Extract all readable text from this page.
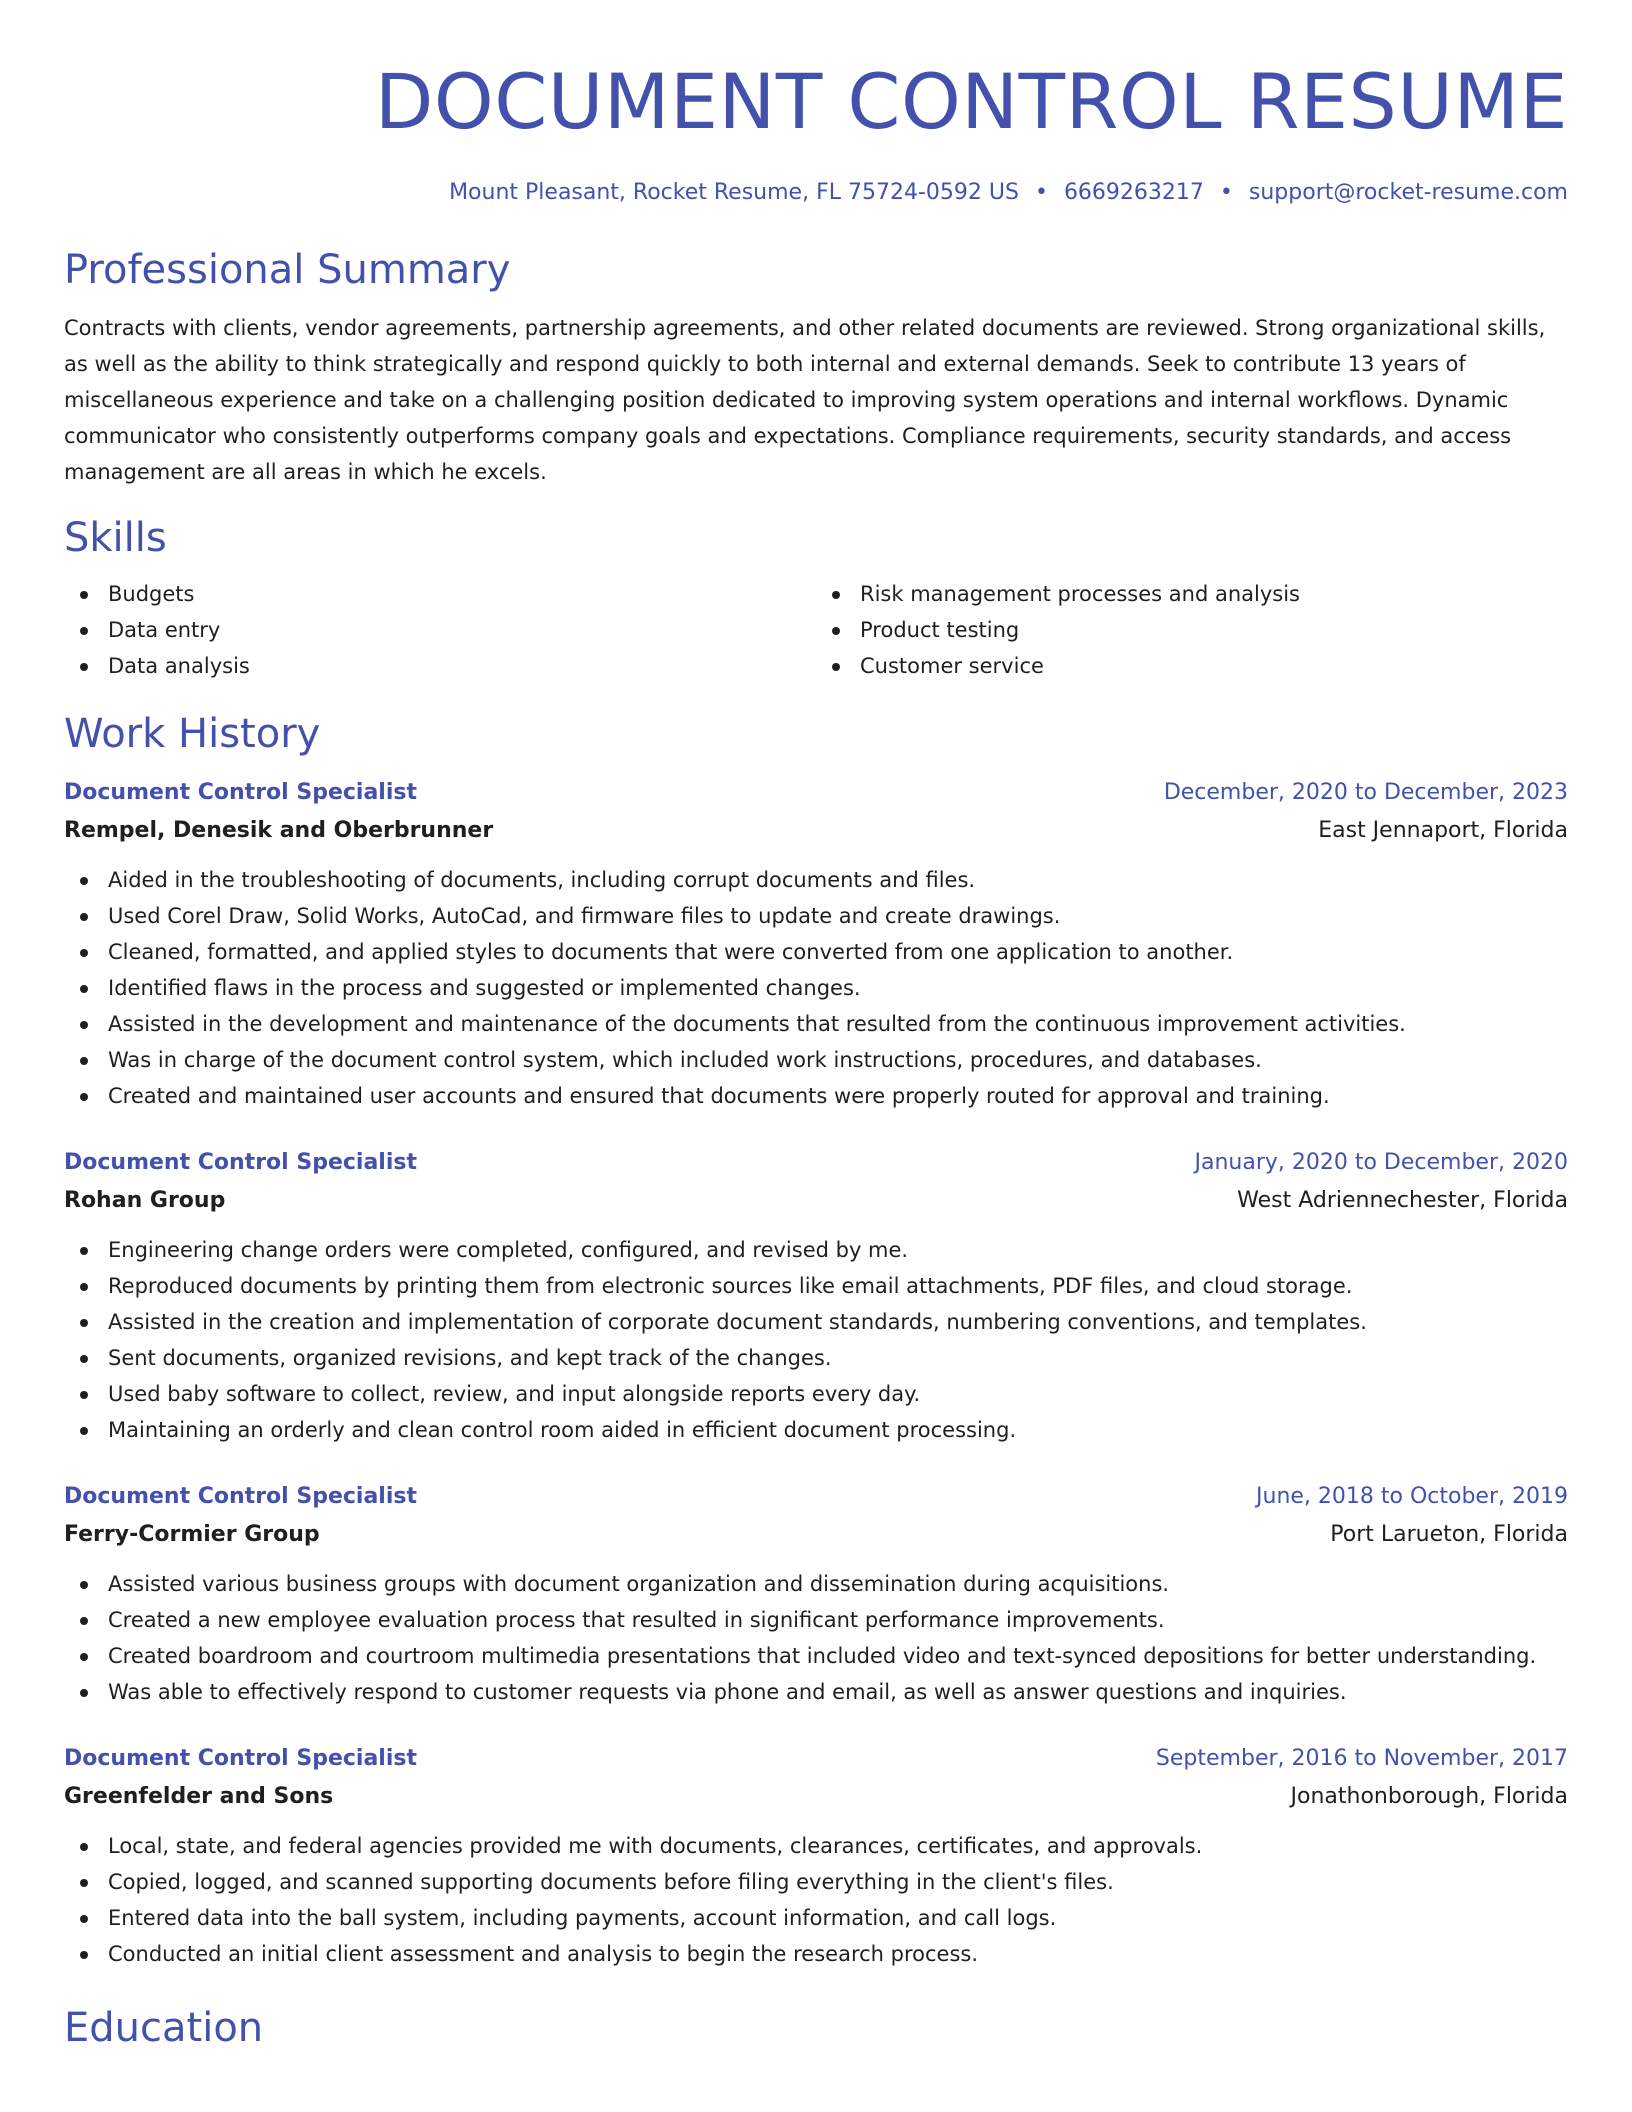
DOCUMENT CONTROL RESUME
Mount Pleasant, Rocket Resume, FL 75724-0592 US • 6669263217 • support@rocket-resume.com
Professional Summary

Contracts with clients, vendor agreements, partnership agreements, and other related documents are reviewed. Strong organizational skills, as well as the ability to think strategically and respond quickly to both internal and external demands. Seek to contribute 13 years of miscellaneous experience and take on a challenging position dedicated to improving system operations and internal workflows. Dynamic communicator who consistently outperforms company goals and expectations. Compliance requirements, security standards, and access management are all areas in which he excels.

Skills
Budgets
Data entry
Data analysis
Risk management processes and analysis
Product testing
Customer service
Work History
Document Control Specialist	December, 2020 to December, 2023
Rempel, Denesik and Oberbrunner	East Jennaport, Florida
Aided in the troubleshooting of documents, including corrupt documents and files.
Used Corel Draw, Solid Works, AutoCad, and firmware files to update and create drawings.
Cleaned, formatted, and applied styles to documents that were converted from one application to another.
Identified flaws in the process and suggested or implemented changes.
Assisted in the development and maintenance of the documents that resulted from the continuous improvement activities.
Was in charge of the document control system, which included work instructions, procedures, and databases.
Created and maintained user accounts and ensured that documents were properly routed for approval and training.
Document Control Specialist	January, 2020 to December, 2020
Rohan Group	West Adriennechester, Florida
Engineering change orders were completed, configured, and revised by me.
Reproduced documents by printing them from electronic sources like email attachments, PDF files, and cloud storage.
Assisted in the creation and implementation of corporate document standards, numbering conventions, and templates.
Sent documents, organized revisions, and kept track of the changes.
Used baby software to collect, review, and input alongside reports every day.
Maintaining an orderly and clean control room aided in efficient document processing.
Document Control Specialist	June, 2018 to October, 2019
Ferry-Cormier Group	Port Larueton, Florida
Assisted various business groups with document organization and dissemination during acquisitions.
Created a new employee evaluation process that resulted in significant performance improvements.
Created boardroom and courtroom multimedia presentations that included video and text-synced depositions for better understanding.
Was able to effectively respond to customer requests via phone and email, as well as answer questions and inquiries.
Document Control Specialist	September, 2016 to November, 2017
Greenfelder and Sons	Jonathonborough, Florida
Local, state, and federal agencies provided me with documents, clearances, certificates, and approvals.
Copied, logged, and scanned supporting documents before filing everything in the client's files.
Entered data into the ball system, including payments, account information, and call logs.
Conducted an initial client assessment and analysis to begin the research process.
Education
